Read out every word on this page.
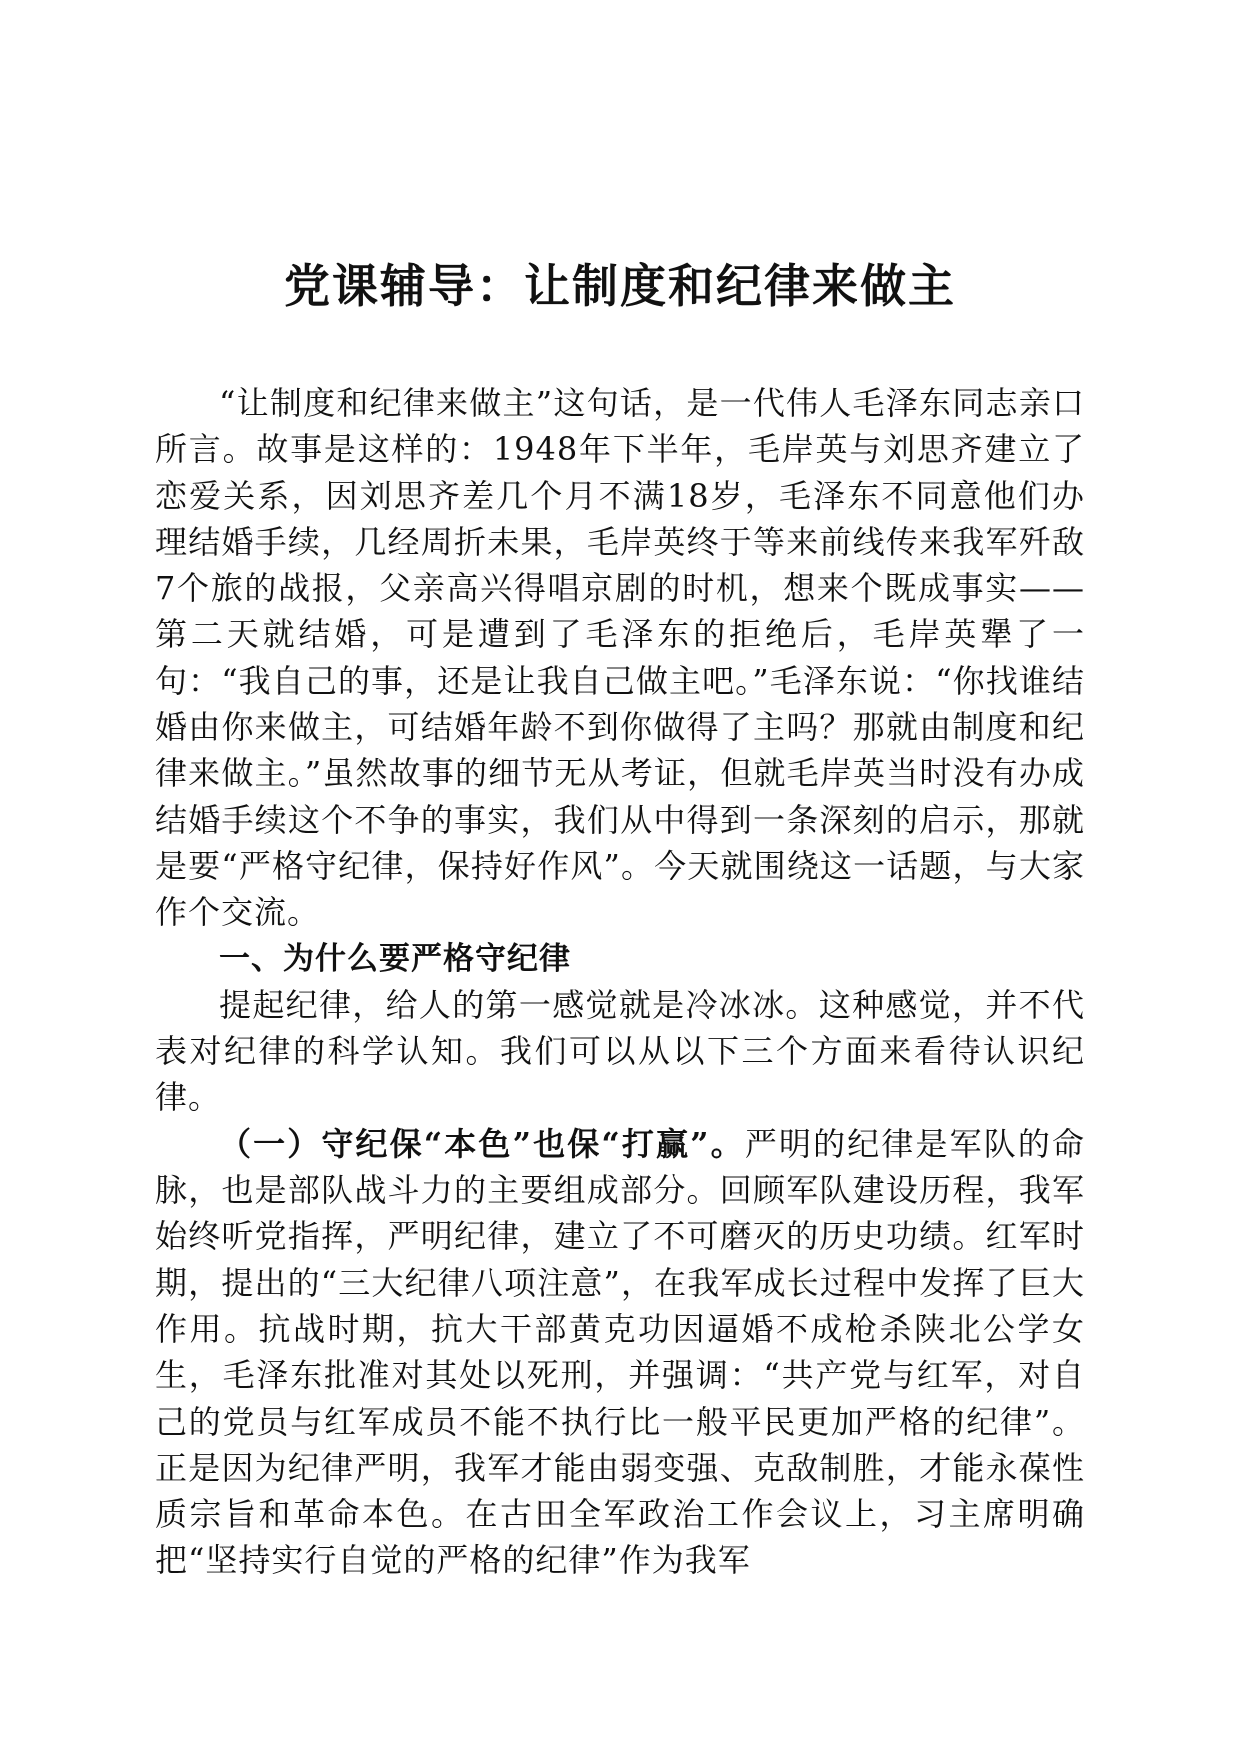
党课辅导：让制度和纪律来做主

“让制度和纪律来做主”这句话，是一代伟人毛泽东同志亲口所言。故事是这样的：1948年下半年，毛岸英与刘思齐建立了恋爱关系，因刘思齐差几个月不满18岁，毛泽东不同意他们办理结婚手续，几经周折未果，毛岸英终于等来前线传来我军歼敌7个旅的战报，父亲高兴得唱京剧的时机，想来个既成事实——第二天就结婚，可是遭到了毛泽东的拒绝后，毛岸英犟了一句：“我自己的事，还是让我自己做主吧。”毛泽东说：“你找谁结婚由你来做主，可结婚年龄不到你做得了主吗？那就由制度和纪律来做主。”虽然故事的细节无从考证，但就毛岸英当时没有办成结婚手续这个不争的事实，我们从中得到一条深刻的启示，那就是要“严格守纪律，保持好作风”。今天就围绕这一话题，与大家作个交流。

一、为什么要严格守纪律

提起纪律，给人的第一感觉就是冷冰冰。这种感觉，并不代表对纪律的科学认知。我们可以从以下三个方面来看待认识纪律。

（一）守纪保“本色”也保“打赢”。严明的纪律是军队的命脉，也是部队战斗力的主要组成部分。回顾军队建设历程，我军始终听党指挥，严明纪律，建立了不可磨灭的历史功绩。红军时期，提出的“三大纪律八项注意”，在我军成长过程中发挥了巨大作用。抗战时期，抗大干部黄克功因逼婚不成枪杀陕北公学女生，毛泽东批准对其处以死刑，并强调：“共产党与红军，对自己的党员与红军成员不能不执行比一般平民更加严格的纪律”。正是因为纪律严明，我军才能由弱变强、克敌制胜，才能永葆性质宗旨和革命本色。在古田全军政治工作会议上，习主席明确把“坚持实行自觉的严格的纪律”作为我军
